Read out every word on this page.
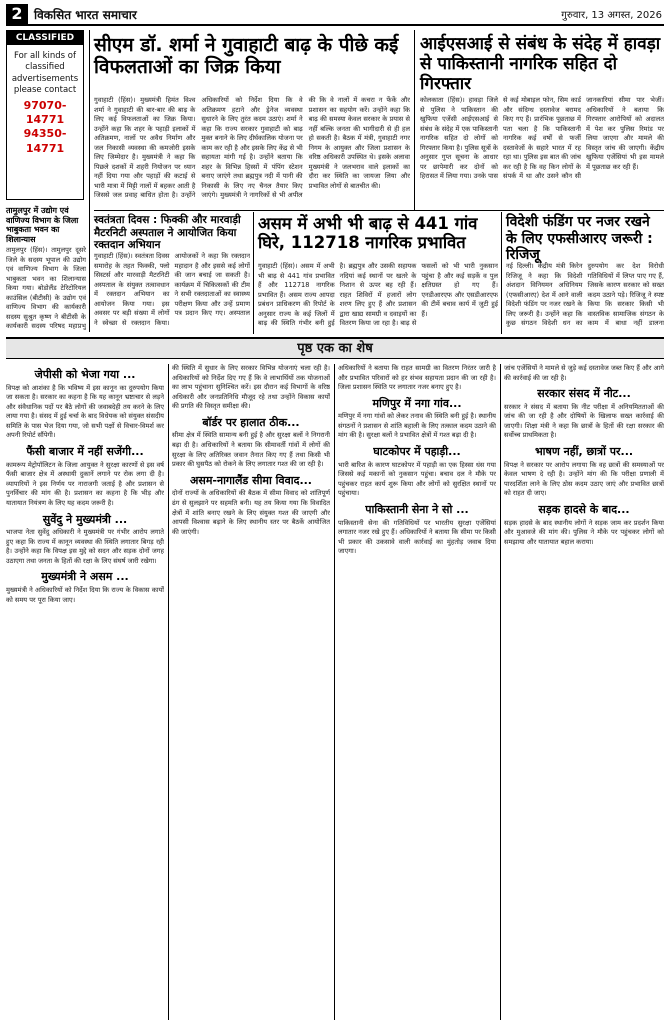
2 विकसित भारत समाचार	गुरुवार, 13 अगस्त, 2026
CLASSIFIED
For all kinds of classified advertisements please contact
97070-14771
94350-14771
तामुलपुर में उद्योग एवं वाणिज्य विभाग के जिला भाबुकता भवन का शिलान्यास
तामुलपुर (हिंस)। तामुलपुर दूसरे जिले के सदस्य भूपाल की उद्योग एवं वाणिज्य विभाग के जिला भाबुकता भवन का शिलान्यास किया गया। बोडोलैंड टेरिटोरियल काउंसिल (बीटीसी) के उद्योग एवं वाणिज्य विभाग की कार्यकारी सदस्य सुश्रुत कृष्ण ने बीटीसी के कार्यकारी सदस्य परिषद महाप्रभु
सीएम डॉ. शर्मा ने गुवाहाटी बाढ़ के पीछे कई विफलताओं का जिक्र किया
गुवाहाटी (हिंस)। मुख्यमंत्री हिमंत विश्व शर्मा ने गुवाहाटी की बार-बार की बाढ़ के लिए कई विफलताओं का जिक्र किया। उन्होंने कहा कि शहर के पहाड़ी इलाकों में अतिक्रमण, नालों पर अवैध निर्माण और जल निकासी व्यवस्था की कमजोरी इसके लिए जिम्मेदार है। मुख्यमंत्री ने कहा कि पिछले दशकों में शहरी नियोजन पर ध्यान नहीं दिया गया और पहाड़ों की कटाई से भारी मात्रा में मिट्टी नालों में बहकर आती है जिससे जल प्रवाह बाधित होता है। उन्होंने अधिकारियों को निर्देश दिया कि वे अतिक्रमण हटाने और ड्रेनेज व्यवस्था सुधारने के लिए तुरंत कदम उठाएं। शर्मा ने कहा कि राज्य सरकार गुवाहाटी को बाढ़ मुक्त बनाने के लिए दीर्घकालिक योजना पर काम कर रही है और इसके लिए केंद्र से भी सहायता मांगी गई है। उन्होंने बताया कि शहर के विभिन्न हिस्सों में पंपिंग स्टेशन बनाए जाएंगे तथा ब्रह्मपुत्र नदी में पानी की निकासी के लिए नए चैनल तैयार किए जाएंगे। मुख्यमंत्री ने नागरिकों से भी अपील की कि वे नालों में कचरा न फेंकें और प्रशासन का सहयोग करें। उन्होंने कहा कि बाढ़ की समस्या केवल सरकार के प्रयास से नहीं बल्कि जनता की भागीदारी से ही हल हो सकती है। बैठक में मंत्री, गुवाहाटी नगर निगम के आयुक्त और जिला प्रशासन के वरिष्ठ अधिकारी उपस्थित थे। इसके अलावा मुख्यमंत्री ने जलभराव वाले इलाकों का दौरा कर स्थिति का जायजा लिया और प्रभावित लोगों से बातचीत की।
आईएसआई से संबंध के संदेह में हावड़ा से पाकिस्तानी नागरिक सहित दो गिरफ्तार
कोलकाता (हिंस)। हावड़ा जिले से पुलिस ने पाकिस्तान की खुफिया एजेंसी आईएसआई से संबंध के संदेह में एक पाकिस्तानी नागरिक सहित दो लोगों को गिरफ्तार किया है। पुलिस सूत्रों के अनुसार गुप्त सूचना के आधार पर छापेमारी कर दोनों को हिरासत में लिया गया। उनके पास से कई मोबाइल फोन, सिम कार्ड और संदिग्ध दस्तावेज बरामद किए गए हैं। प्रारंभिक पूछताछ में पता चला है कि पाकिस्तानी नागरिक कई वर्षों से फर्जी दस्तावेजों के सहारे भारत में रह रहा था। पुलिस इस बात की जांच कर रही है कि वह किन लोगों के संपर्क में था और उसने कौन सी जानकारियां सीमा पार भेजीं। अधिकारियों ने बताया कि गिरफ्तार आरोपियों को अदालत में पेश कर पुलिस रिमांड पर लिया जाएगा और मामले की विस्तृत जांच की जाएगी। केंद्रीय खुफिया एजेंसियां भी इस मामले में पूछताछ कर रही हैं।
स्वतंत्रता दिवस : फिक्की और मारवाड़ी मैटरनिटी अस्पताल ने आयोजित किया रक्तदान अभियान
गुवाहाटी (हिंस)। स्वतंत्रता दिवस समारोह के तहत फिक्की, फ्लो सिस्टर्स और मारवाड़ी मैटरनिटी अस्पताल के संयुक्त तत्वावधान में रक्तदान अभियान का आयोजन किया गया। इस अवसर पर बड़ी संख्या में लोगों ने स्वेच्छा से रक्तदान किया। आयोजकों ने कहा कि रक्तदान महादान है और इससे कई लोगों की जान बचाई जा सकती है। कार्यक्रम में चिकित्सकों की टीम ने सभी रक्तदाताओं का स्वास्थ्य परीक्षण किया और उन्हें प्रमाण पत्र प्रदान किए गए। अस्पताल
असम में अभी भी बाढ़ से 441 गांव घिरे, 112718 नागरिक प्रभावित
गुवाहाटी (हिंस)। असम में अभी भी बाढ़ से 441 गांव प्रभावित हैं और 112718 नागरिक प्रभावित हैं। असम राज्य आपदा प्रबंधन प्राधिकरण की रिपोर्ट के अनुसार राज्य के कई जिलों में बाढ़ की स्थिति गंभीर बनी हुई है। ब्रह्मपुत्र और उसकी सहायक नदियां कई स्थानों पर खतरे के निशान से ऊपर बह रही हैं। राहत शिविरों में हजारों लोग शरण लिए हुए हैं और प्रशासन द्वारा खाद्य सामग्री व दवाइयों का वितरण किया जा रहा है। बाढ़ से फसलों को भी भारी नुकसान पहुंचा है और कई सड़कें व पुल क्षतिग्रस्त हो गए हैं। एनडीआरएफ और एसडीआरएफ की टीमें बचाव कार्य में जुटी हुई हैं।
विदेशी फंडिंग पर नजर रखने के लिए एफसीआरए जरूरी : रिजिजू
नई दिल्ली। केंद्रीय मंत्री किरेन रिजिजू ने कहा कि विदेशी अंशदान विनियमन अधिनियम (एफसीआरए) देश में आने वाली विदेशी फंडिंग पर नजर रखने के लिए जरूरी है। उन्होंने कहा कि कुछ संगठन विदेशी धन का दुरुपयोग कर देश विरोधी गतिविधियों में लिप्त पाए गए हैं, जिसके कारण सरकार को सख्त कदम उठाने पड़े। रिजिजू ने स्पष्ट किया कि सरकार किसी भी वास्तविक सामाजिक संगठन के काम में बाधा नहीं डालना
पृष्ठ एक का शेष
जेपीसी को भेजा गया ...
विपक्ष को आशंका है कि भविष्य में इस कानून का दुरुपयोग किया जा सकता है। सरकार का कहना है कि यह कानून भ्रष्टाचार से लड़ने और संवैधानिक पदों पर बैठे लोगों की जवाबदेही तय करने के लिए लाया गया है। संसद में हुई चर्चा के बाद विधेयक को संयुक्त संसदीय समिति के पास भेज दिया गया, जो सभी पक्षों से विचार-विमर्श कर अपनी रिपोर्ट सौंपेगी।
फैंसी बाजार में नहीं सजेंगी...
कामरूप मेट्रोपॉलिटन के जिला आयुक्त ने सुरक्षा कारणों से इस वर्ष फैंसी बाजार क्षेत्र में अस्थायी दुकानें लगाने पर रोक लगा दी है। व्यापारियों ने इस निर्णय पर नाराजगी जताई है और प्रशासन से पुनर्विचार की मांग की है। प्रशासन का कहना है कि भीड़ और यातायात नियंत्रण के लिए यह कदम जरूरी है।
सुवेंदु ने मुख्यमंत्री ...
भाजपा नेता सुवेंदु अधिकारी ने मुख्यमंत्री पर गंभीर आरोप लगाते हुए कहा कि राज्य में कानून व्यवस्था की स्थिति लगातार बिगड़ रही है। उन्होंने कहा कि विपक्ष इस मुद्दे को सदन और सड़क दोनों जगह उठाएगा तथा जनता के हितों की रक्षा के लिए संघर्ष जारी रखेगा।
मुख्यमंत्री ने असम ...
मुख्यमंत्री ने अधिकारियों को निर्देश दिया कि राज्य के विकास कार्यों को समय पर पूरा किया जाए।
की स्थिति में सुधार के लिए सरकार विभिन्न योजनाएं चला रही है। अधिकारियों को निर्देश दिए गए हैं कि वे लाभार्थियों तक योजनाओं का लाभ पहुंचाना सुनिश्चित करें। इस दौरान कई विभागों के वरिष्ठ अधिकारी और जनप्रतिनिधि मौजूद रहे तथा उन्होंने विकास कार्यों की प्रगति की विस्तृत समीक्षा की।
बॉर्डर पर हालात ठीक...
सीमा क्षेत्र में स्थिति सामान्य बनी हुई है और सुरक्षा बलों ने निगरानी बढ़ा दी है। अधिकारियों ने बताया कि सीमावर्ती गांवों में लोगों की सुरक्षा के लिए अतिरिक्त जवान तैनात किए गए हैं तथा किसी भी प्रकार की घुसपैठ को रोकने के लिए लगातार गश्त की जा रही है।
असम-नागालैंड सीमा विवाद...
दोनों राज्यों के अधिकारियों की बैठक में सीमा विवाद को शांतिपूर्ण ढंग से सुलझाने पर सहमति बनी। यह तय किया गया कि विवादित क्षेत्रों में शांति बनाए रखने के लिए संयुक्त गश्त की जाएगी और आपसी विश्वास बढ़ाने के लिए स्थानीय स्तर पर बैठकें आयोजित की जाएंगी।
अधिकारियों ने बताया कि राहत सामग्री का वितरण निरंतर जारी है और प्रभावित परिवारों को हर संभव सहायता प्रदान की जा रही है। जिला प्रशासन स्थिति पर लगातार नजर बनाए हुए है।
मणिपुर में नगा गांव...
मणिपुर में नगा गांवों को लेकर तनाव की स्थिति बनी हुई है। स्थानीय संगठनों ने प्रशासन से शांति बहाली के लिए तत्काल कदम उठाने की मांग की है। सुरक्षा बलों ने प्रभावित क्षेत्रों में गश्त बढ़ा दी है।
घाटकोपर में पहाड़ी...
भारी बारिश के कारण घाटकोपर में पहाड़ी का एक हिस्सा धंस गया जिससे कई मकानों को नुकसान पहुंचा। बचाव दल ने मौके पर पहुंचकर राहत कार्य शुरू किया और लोगों को सुरक्षित स्थानों पर पहुंचाया।
पाकिस्तानी सेना ने सो ...
पाकिस्तानी सेना की गतिविधियों पर भारतीय सुरक्षा एजेंसियां लगातार नजर रखे हुए हैं। अधिकारियों ने बताया कि सीमा पर किसी भी प्रकार की उकसावे वाली कार्रवाई का मुंहतोड़ जवाब दिया जाएगा।
जांच एजेंसियों ने मामले से जुड़े कई दस्तावेज जब्त किए हैं और आगे की कार्रवाई की जा रही है।
सरकार संसद में नीट...
सरकार ने संसद में बताया कि नीट परीक्षा में अनियमितताओं की जांच की जा रही है और दोषियों के खिलाफ सख्त कार्रवाई की जाएगी। शिक्षा मंत्री ने कहा कि छात्रों के हितों की रक्षा सरकार की सर्वोच्च प्राथमिकता है।
भाषण नहीं, छात्रों पर...
विपक्ष ने सरकार पर आरोप लगाया कि वह छात्रों की समस्याओं पर केवल भाषण दे रही है। उन्होंने मांग की कि परीक्षा प्रणाली में पारदर्शिता लाने के लिए ठोस कदम उठाए जाएं और प्रभावित छात्रों को राहत दी जाए।
सड़क हादसे के बाद...
सड़क हादसे के बाद स्थानीय लोगों ने सड़क जाम कर प्रदर्शन किया और मुआवजे की मांग की। पुलिस ने मौके पर पहुंचकर लोगों को समझाया और यातायात बहाल कराया।
